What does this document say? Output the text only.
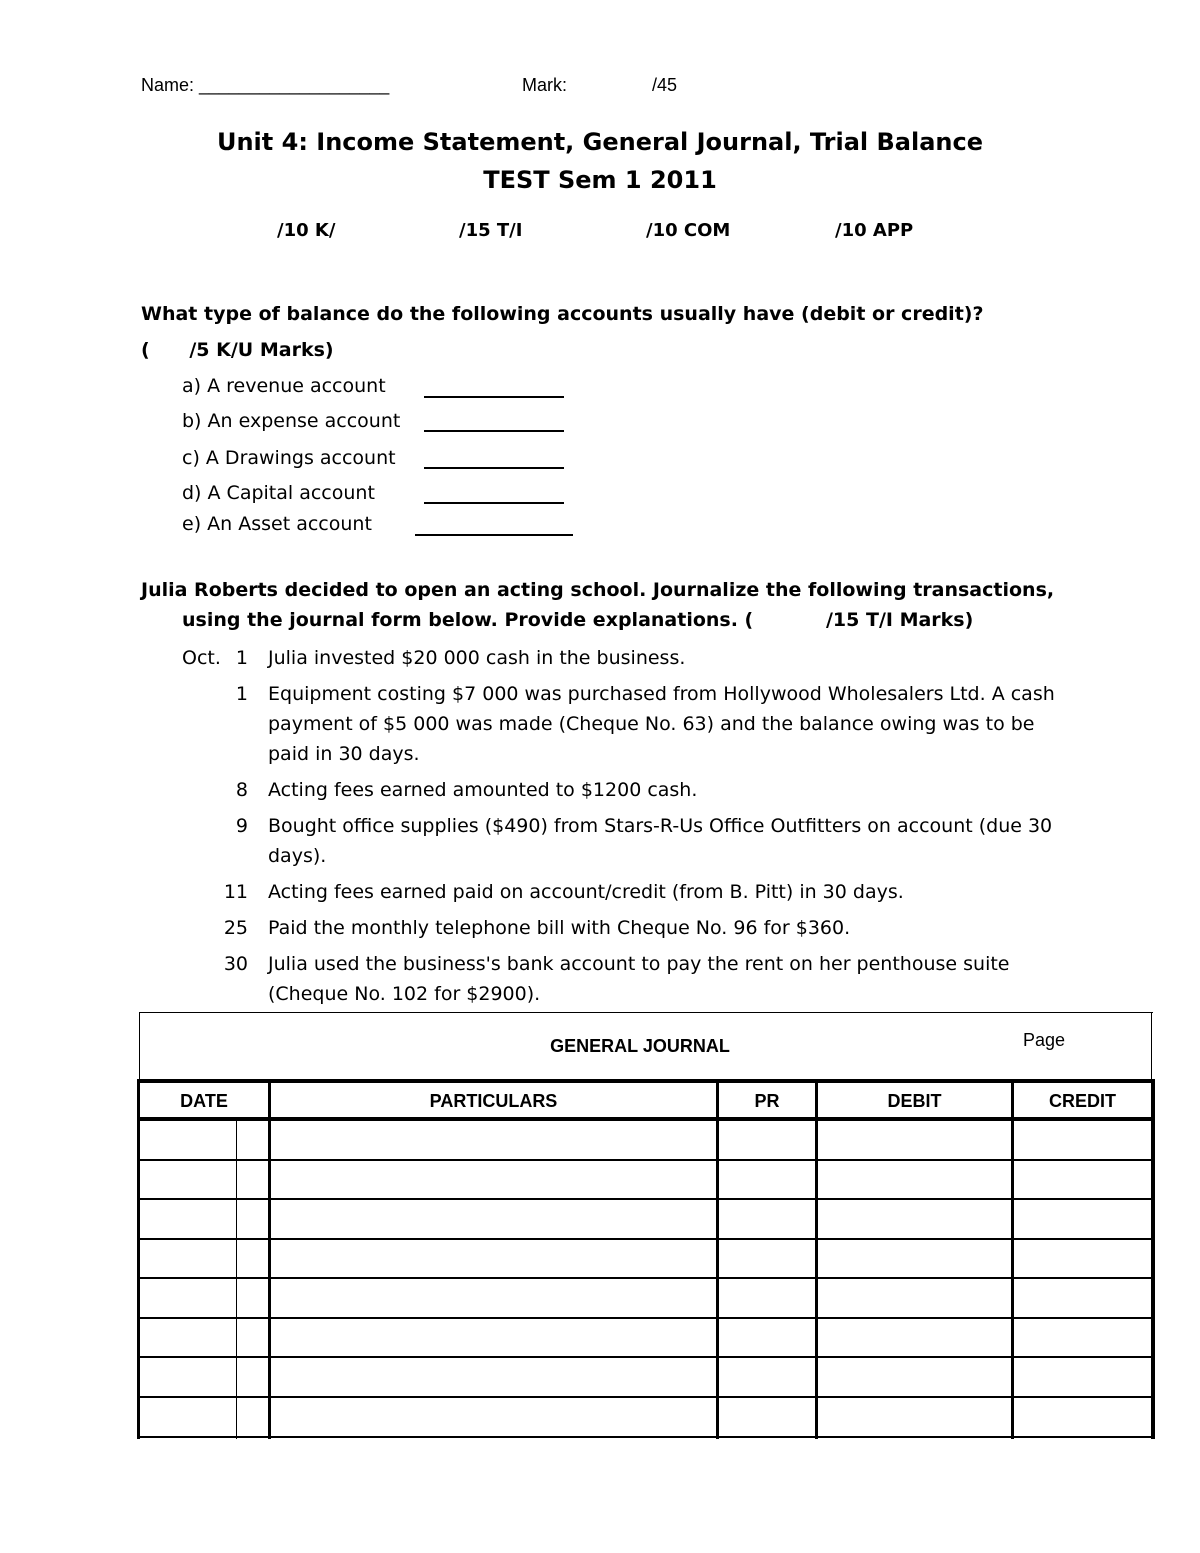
Name: ___________________	Mark:	/45
Unit 4: Income Statement, General Journal, Trial Balance
TEST Sem 1 2011
/10 K/	/15 T/I	/10 COM	/10 APP
What type of balance do the following accounts usually have (debit or credit)?
(      /5 K/U Marks)
a) A revenue account
b) An expense account
c) A Drawings account
d) A Capital account
e) An Asset account
Julia Roberts decided to open an acting school. Journalize the following transactions,
using the journal form below. Provide explanations. (           /15 T/I Marks)
Oct. 1 Julia invested $20 000 cash in the business.
1 Equipment costing $7 000 was purchased from Hollywood Wholesalers Ltd. A cash payment of $5 000 was made (Cheque No. 63) and the balance owing was to be paid in 30 days.
8 Acting fees earned amounted to $1200 cash.
9 Bought office supplies ($490) from Stars-R-Us Office Outfitters on account (due 30 days).
11 Acting fees earned paid on account/credit (from B. Pitt) in 30 days.
25 Paid the monthly telephone bill with Cheque No. 96 for $360.
30 Julia used the business's bank account to pay the rent on her penthouse suite (Cheque No. 102 for $2900).
GENERAL JOURNAL	Page
DATE	PARTICULARS	PR	DEBIT	CREDIT
